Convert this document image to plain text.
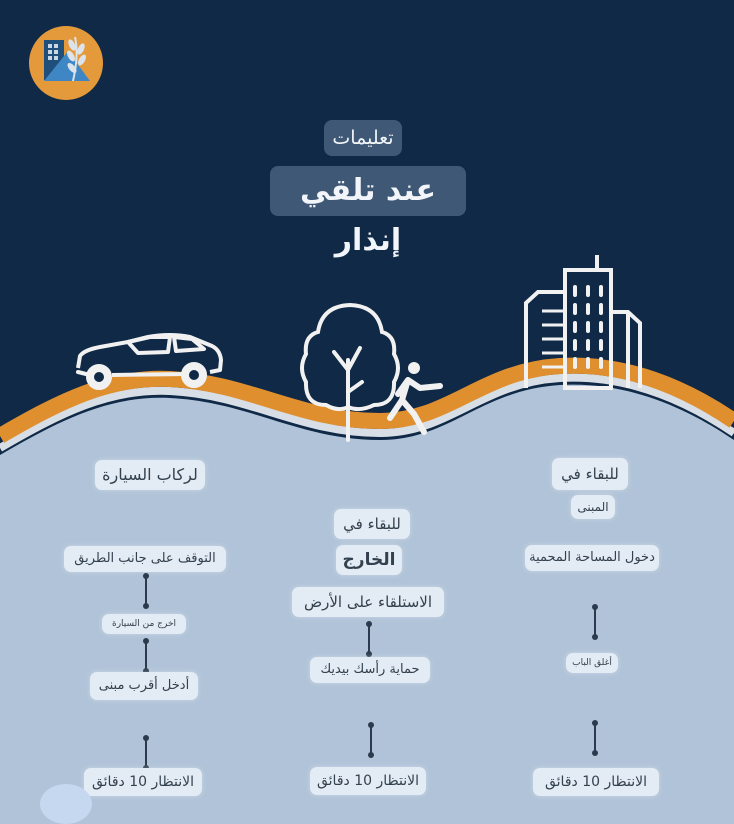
تعليمات
عند تلقي إنذار
لركاب السيارة
التوقف على جانب الطريق
اخرج من السيارة
أدخل أقرب مبنى
الانتظار 10 دقائق
للبقاء في
الخارج
الاستلقاء على الأرض
حماية رأسك بيديك
الانتظار 10 دقائق
للبقاء في
المبنى
دخول المساحة المحمية
أغلق الباب
الانتظار 10 دقائق
